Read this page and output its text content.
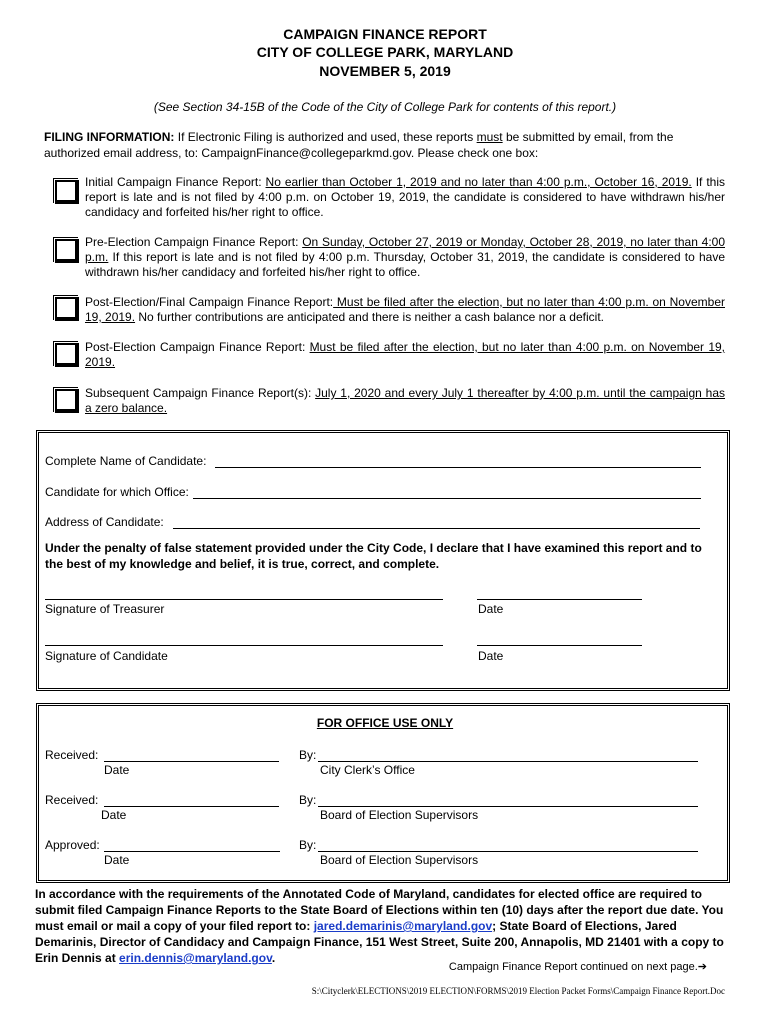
CAMPAIGN FINANCE REPORT
CITY OF COLLEGE PARK, MARYLAND
NOVEMBER 5, 2019
(See Section 34-15B of the Code of the City of College Park for contents of this report.)
FILING INFORMATION: If Electronic Filing is authorized and used, these reports must be submitted by email, from the authorized email address, to: CampaignFinance@collegeparkmd.gov. Please check one box:
Initial Campaign Finance Report: No earlier than October 1, 2019 and no later than 4:00 p.m., October 16, 2019. If this report is late and is not filed by 4:00 p.m. on October 19, 2019, the candidate is considered to have withdrawn his/her candidacy and forfeited his/her right to office.
Pre-Election Campaign Finance Report: On Sunday, October 27, 2019 or Monday, October 28, 2019, no later than 4:00 p.m. If this report is late and is not filed by 4:00 p.m. Thursday, October 31, 2019, the candidate is considered to have withdrawn his/her candidacy and forfeited his/her right to office.
Post-Election/Final Campaign Finance Report: Must be filed after the election, but no later than 4:00 p.m. on November 19, 2019. No further contributions are anticipated and there is neither a cash balance nor a deficit.
Post-Election Campaign Finance Report: Must be filed after the election, but no later than 4:00 p.m. on November 19, 2019.
Subsequent Campaign Finance Report(s): July 1, 2020 and every July 1 thereafter by 4:00 p.m. until the campaign has a zero balance.
Complete Name of Candidate:
Candidate for which Office:
Address of Candidate:
Under the penalty of false statement provided under the City Code, I declare that I have examined this report and to the best of my knowledge and belief, it is true, correct, and complete.
Signature of Treasurer	Date
Signature of Candidate	Date
FOR OFFICE USE ONLY
Received:
Date
By:
City Clerk’s Office
Received:
Date
By:
Board of Election Supervisors
Approved:
Date
By:
Board of Election Supervisors
In accordance with the requirements of the Annotated Code of Maryland, candidates for elected office are required to submit filed Campaign Finance Reports to the State Board of Elections within ten (10) days after the report due date. You must email or mail a copy of your filed report to: jared.demarinis@maryland.gov; State Board of Elections, Jared Demarinis, Director of Candidacy and Campaign Finance, 151 West Street, Suite 200, Annapolis, MD 21401 with a copy to Erin Dennis at erin.dennis@maryland.gov.
Campaign Finance Report continued on next page.➔
S:\Cityclerk\ELECTIONS\2019 ELECTION\FORMS\2019 Election Packet Forms\Campaign Finance Report.Doc
